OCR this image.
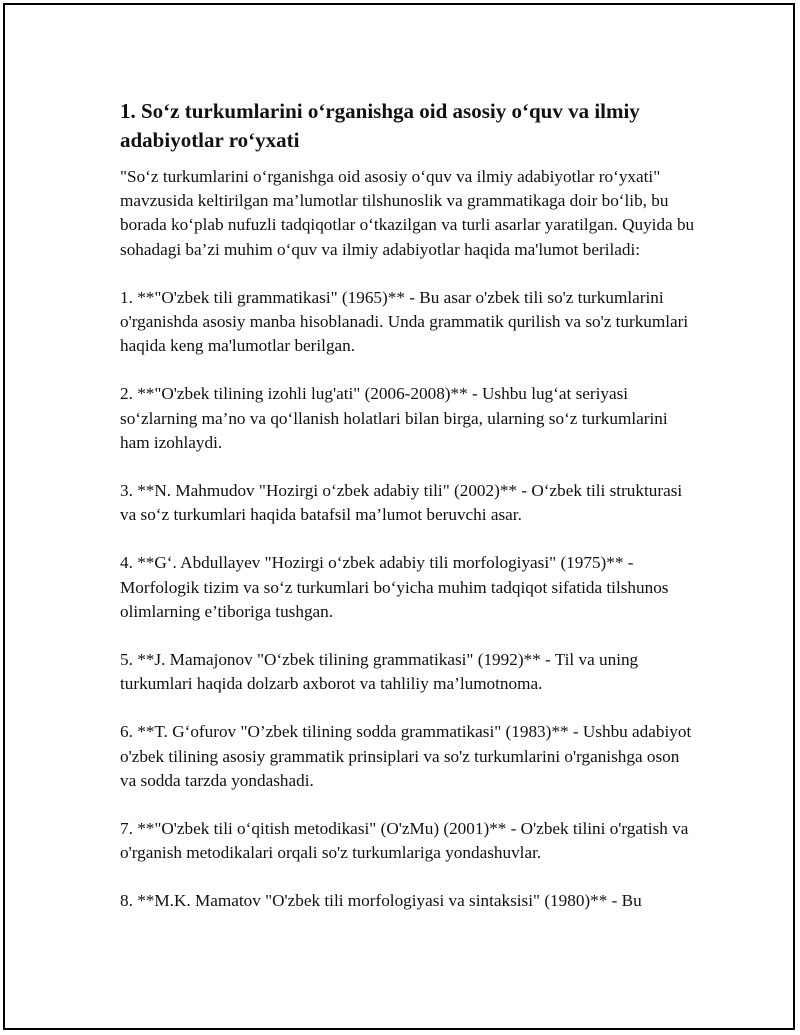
1. So‘z turkumlarini o‘rganishga oid asosiy o‘quv va ilmiy adabiyotlar ro‘yxati

"So‘z turkumlarini o‘rganishga oid asosiy o‘quv va ilmiy adabiyotlar ro‘yxati" mavzusida keltirilgan ma’lumotlar tilshunoslik va grammatikaga doir bo‘lib, bu borada ko‘plab nufuzli tadqiqotlar o‘tkazilgan va turli asarlar yaratilgan. Quyida bu sohadagi ba’zi muhim o‘quv va ilmiy adabiyotlar haqida ma'lumot beriladi:

1. **"O'zbek tili grammatikasi" (1965)** - Bu asar o'zbek tili so'z turkumlarini o'rganishda asosiy manba hisoblanadi. Unda grammatik qurilish va so'z turkumlari haqida keng ma'lumotlar berilgan.

2. **"O'zbek tilining izohli lug'ati" (2006-2008)** - Ushbu lug‘at seriyasi so‘zlarning ma’no va qo‘llanish holatlari bilan birga, ularning so‘z turkumlarini ham izohlaydi.

3. **N. Mahmudov "Hozirgi o‘zbek adabiy tili" (2002)** - O‘zbek tili strukturasi va so‘z turkumlari haqida batafsil ma’lumot beruvchi asar.

4. **G‘. Abdullayev "Hozirgi o‘zbek adabiy tili morfologiyasi" (1975)** - Morfologik tizim va so‘z turkumlari bo‘yicha muhim tadqiqot sifatida tilshunos olimlarning e’tiboriga tushgan.

5. **J. Mamajonov "O‘zbek tilining grammatikasi" (1992)** - Til va uning turkumlari haqida dolzarb axborot va tahliliy ma’lumotnoma.

6. **T. G‘ofurov "O’zbek tilining sodda grammatikasi" (1983)** - Ushbu adabiyot o'zbek tilining asosiy grammatik prinsiplari va so'z turkumlarini o'rganishga oson va sodda tarzda yondashadi.

7. **"O'zbek tili o‘qitish metodikasi" (O'zMu) (2001)** - O'zbek tilini o'rgatish va o'rganish metodikalari orqali so'z turkumlariga yondashuvlar.

8. **M.K. Mamatov "O'zbek tili morfologiyasi va sintaksisi" (1980)** - Bu
